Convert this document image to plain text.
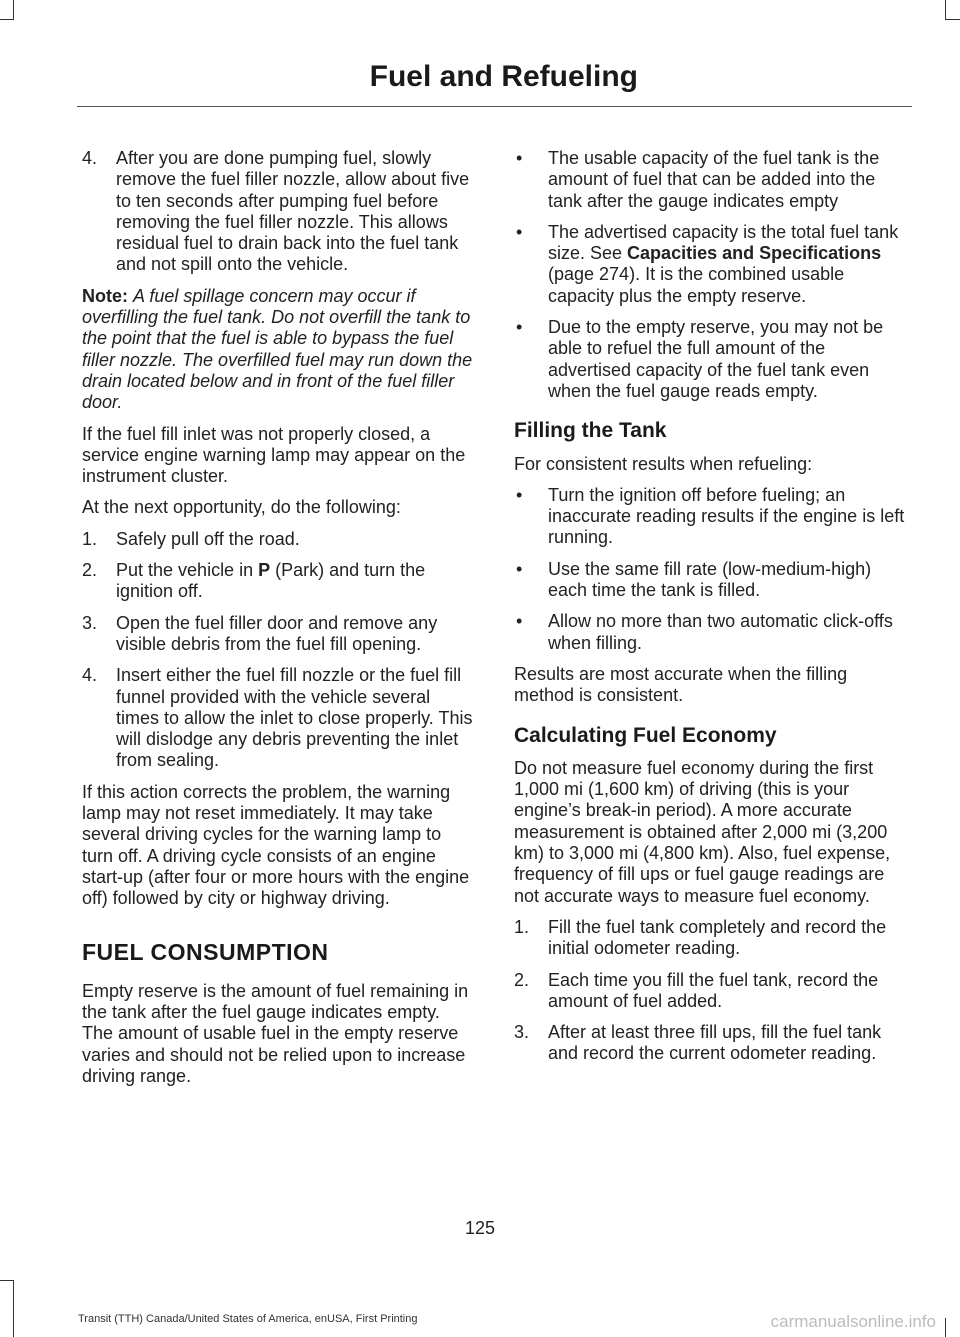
Fuel and Refueling
4. After you are done pumping fuel, slowly remove the fuel filler nozzle, allow about five to ten seconds after pumping fuel before removing the fuel filler nozzle. This allows residual fuel to drain back into the fuel tank and not spill onto the vehicle.

Note: A fuel spillage concern may occur if overfilling the fuel tank. Do not overfill the tank to the point that the fuel is able to bypass the fuel filler nozzle. The overfilled fuel may run down the drain located below and in front of the fuel filler door.

If the fuel fill inlet was not properly closed, a service engine warning lamp may appear on the instrument cluster.

At the next opportunity, do the following:

1. Safely pull off the road.
2. Put the vehicle in P (Park) and turn the ignition off.
3. Open the fuel filler door and remove any visible debris from the fuel fill opening.
4. Insert either the fuel fill nozzle or the fuel fill funnel provided with the vehicle several times to allow the inlet to close properly. This will dislodge any debris preventing the inlet from sealing.

If this action corrects the problem, the warning lamp may not reset immediately. It may take several driving cycles for the warning lamp to turn off. A driving cycle consists of an engine start-up (after four or more hours with the engine off) followed by city or highway driving.

FUEL CONSUMPTION

Empty reserve is the amount of fuel remaining in the tank after the fuel gauge indicates empty. The amount of usable fuel in the empty reserve varies and should not be relied upon to increase driving range.

• The usable capacity of the fuel tank is the amount of fuel that can be added into the tank after the gauge indicates empty
• The advertised capacity is the total fuel tank size. See Capacities and Specifications (page 274). It is the combined usable capacity plus the empty reserve.
• Due to the empty reserve, you may not be able to refuel the full amount of the advertised capacity of the fuel tank even when the fuel gauge reads empty.
Filling the Tank

For consistent results when refueling:

• Turn the ignition off before fueling; an inaccurate reading results if the engine is left running.
• Use the same fill rate (low-medium-high) each time the tank is filled.
• Allow no more than two automatic click-offs when filling.

Results are most accurate when the filling method is consistent.

Calculating Fuel Economy

Do not measure fuel economy during the first 1,000 mi (1,600 km) of driving (this is your engine’s break-in period). A more accurate measurement is obtained after 2,000 mi (3,200 km) to 3,000 mi (4,800 km). Also, fuel expense, frequency of fill ups or fuel gauge readings are not accurate ways to measure fuel economy.

1. Fill the fuel tank completely and record the initial odometer reading.
2. Each time you fill the fuel tank, record the amount of fuel added.
3. After at least three fill ups, fill the fuel tank and record the current odometer reading.
125
Transit (TTH) Canada/United States of America, enUSA, First Printing	carmanualsonline.info
